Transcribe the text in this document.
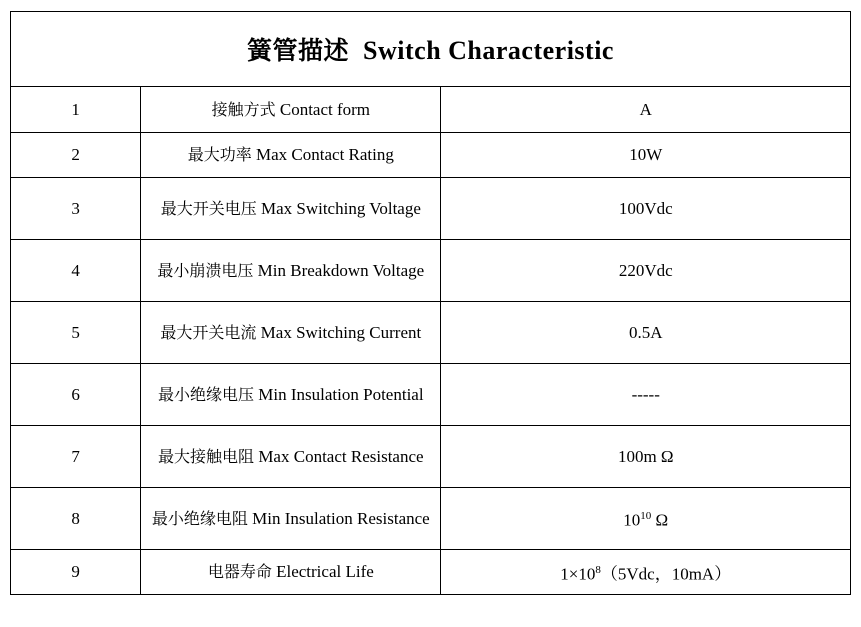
簧管描述 Switch Characteristic		
1	接触方式 Contact form	A
2	最大功率 Max Contact Rating	10W
3	最大开关电压 Max Switching Voltage	100Vdc
4	最小崩溃电压 Min Breakdown Voltage	220Vdc
5	最大开关电流 Max Switching Current	0.5A
6	最小绝缘电压 Min Insulation Potential	-----
7	最大接触电阻 Max Contact Resistance	100m Ω
8	最小绝缘电阻 Min Insulation Resistance	$10^{10}$ Ω
9	电器寿命 Electrical Life	$1\times 10^8(5Vdc$，10mA）
